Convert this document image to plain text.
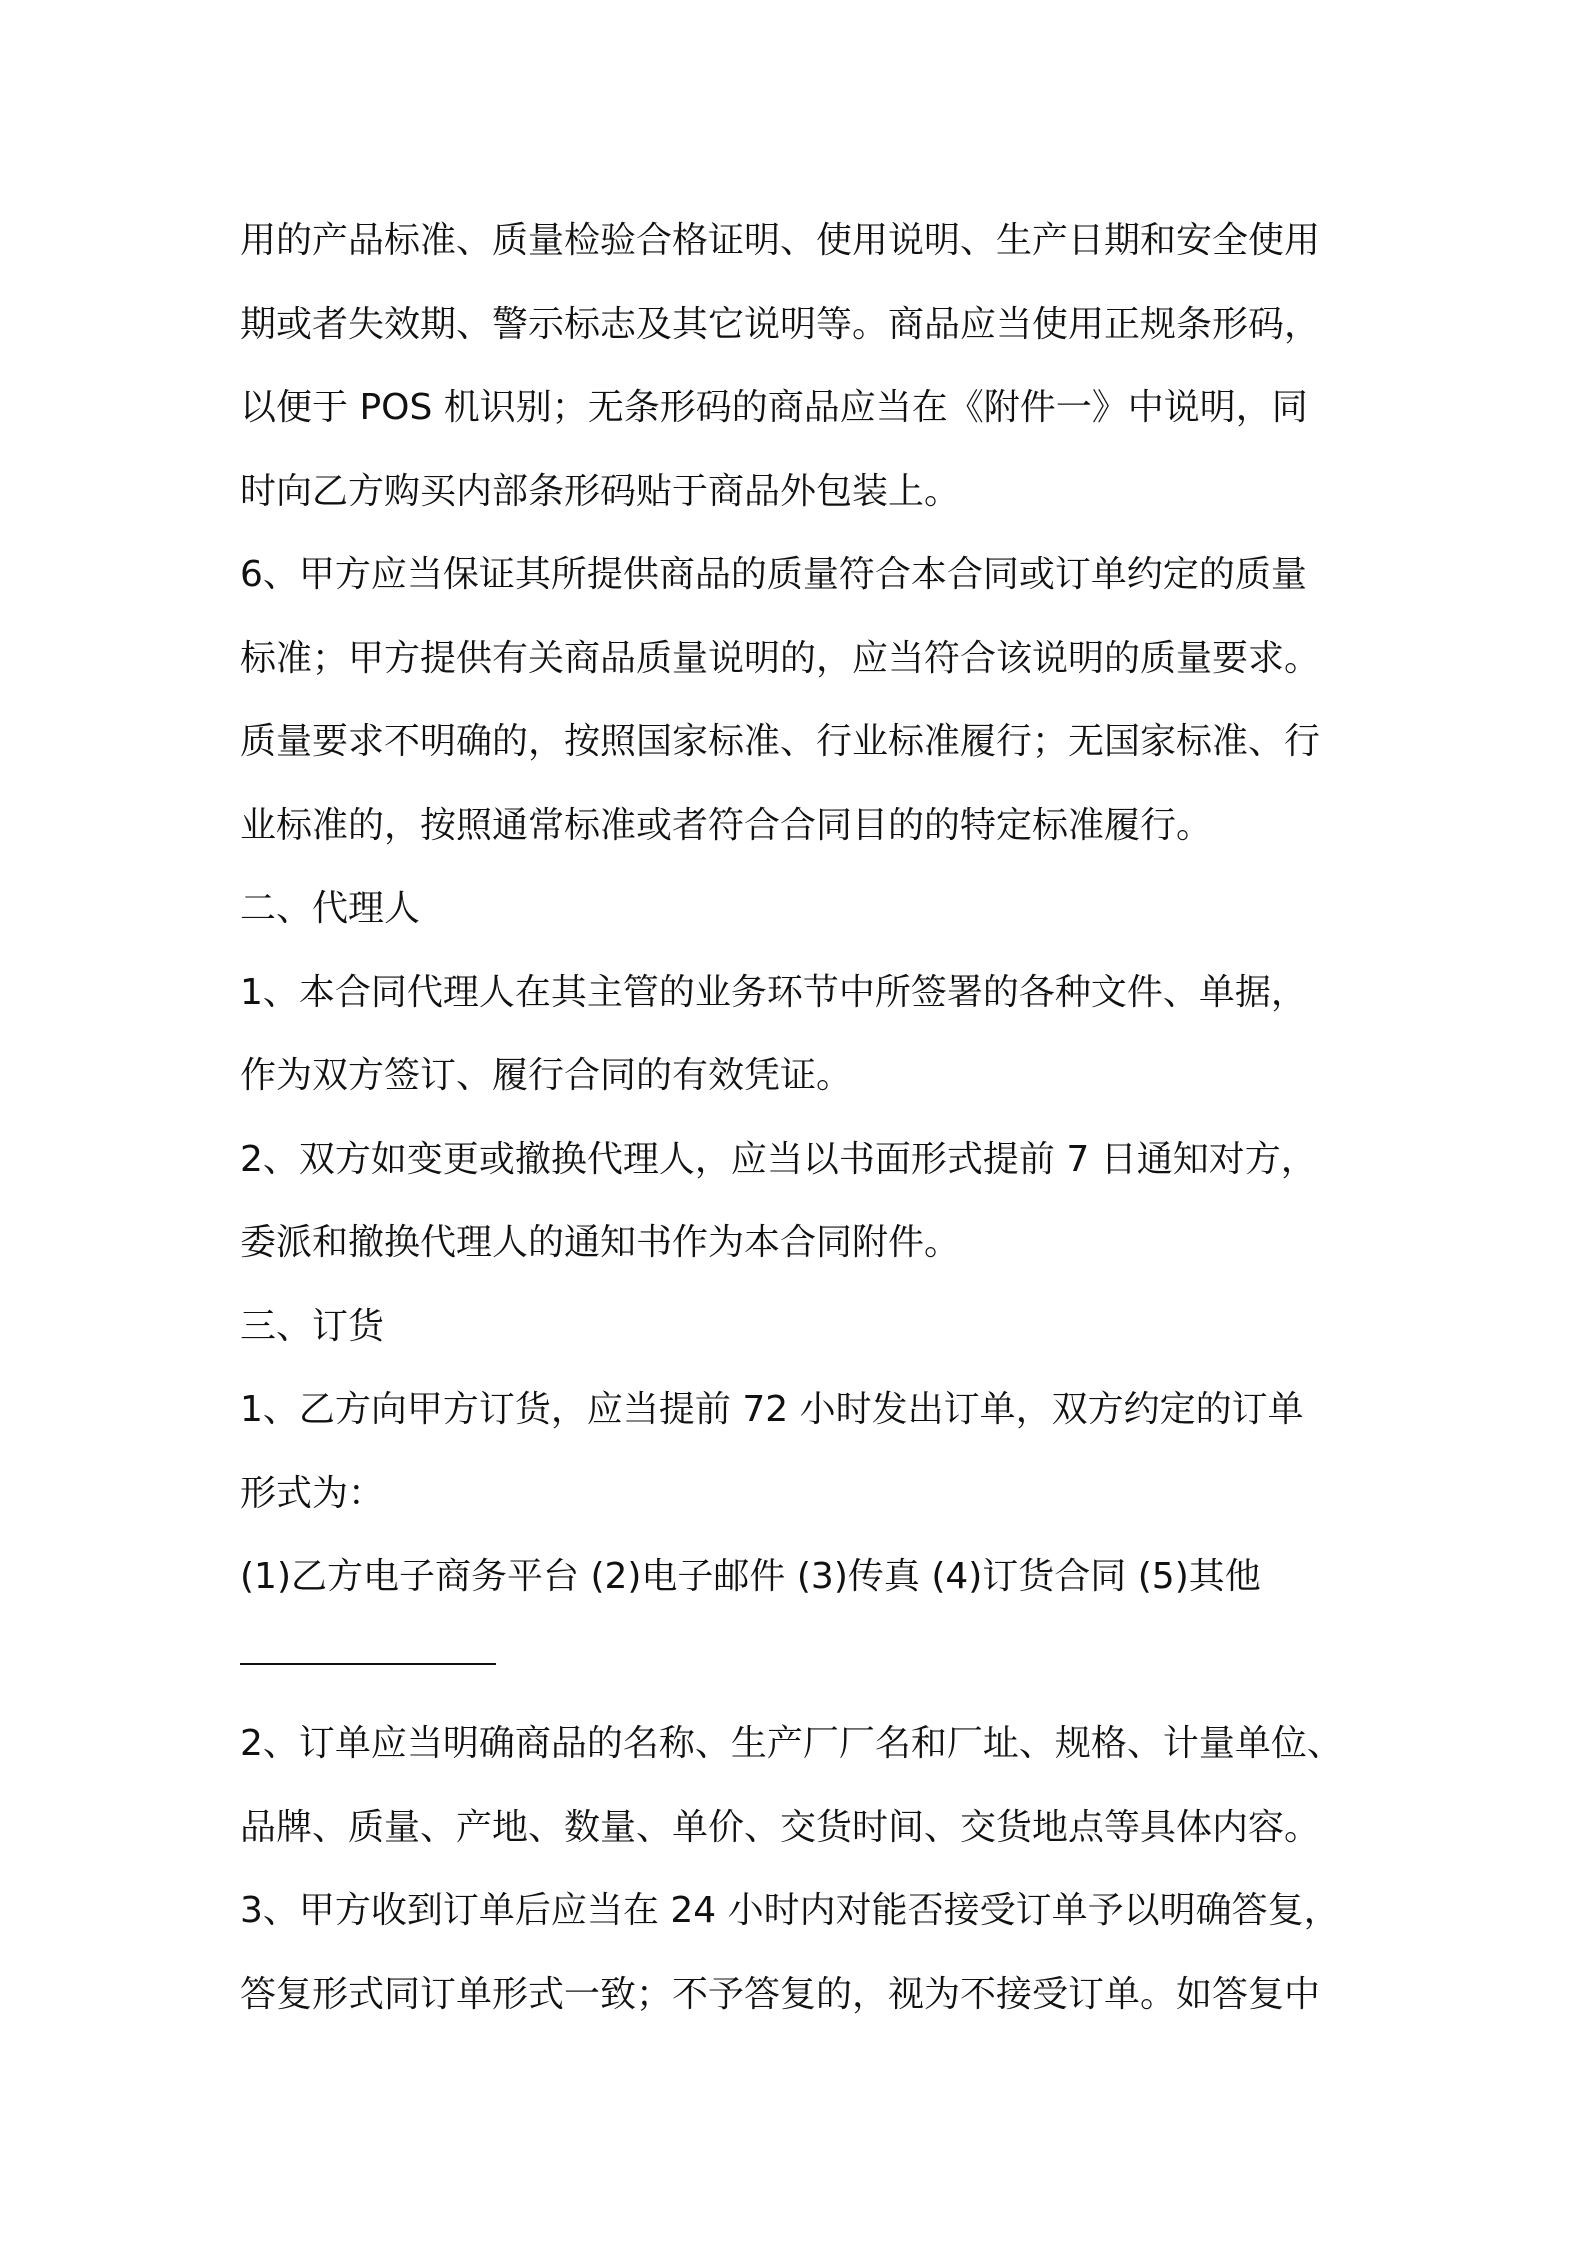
用的产品标准、质量检验合格证明、使用说明、生产日期和安全使用
期或者失效期、警示标志及其它说明等。商品应当使用正规条形码，
以便于 POS 机识别；无条形码的商品应当在《附件一》中说明，同
时向乙方购买内部条形码贴于商品外包装上。
6、甲方应当保证其所提供商品的质量符合本合同或订单约定的质量
标准；甲方提供有关商品质量说明的，应当符合该说明的质量要求。
质量要求不明确的，按照国家标准、行业标准履行；无国家标准、行
业标准的，按照通常标准或者符合合同目的的特定标准履行。
二、代理人
1、本合同代理人在其主管的业务环节中所签署的各种文件、单据，
作为双方签订、履行合同的有效凭证。
2、双方如变更或撤换代理人，应当以书面形式提前 7 日通知对方，
委派和撤换代理人的通知书作为本合同附件。
三、订货
1、乙方向甲方订货，应当提前 72 小时发出订单，双方约定的订单
形式为：
(1)乙方电子商务平台 (2)电子邮件 (3)传真 (4)订货合同 (5)其他
2、订单应当明确商品的名称、生产厂厂名和厂址、规格、计量单位、
品牌、质量、产地、数量、单价、交货时间、交货地点等具体内容。
3、甲方收到订单后应当在 24 小时内对能否接受订单予以明确答复，
答复形式同订单形式一致；不予答复的，视为不接受订单。如答复中
